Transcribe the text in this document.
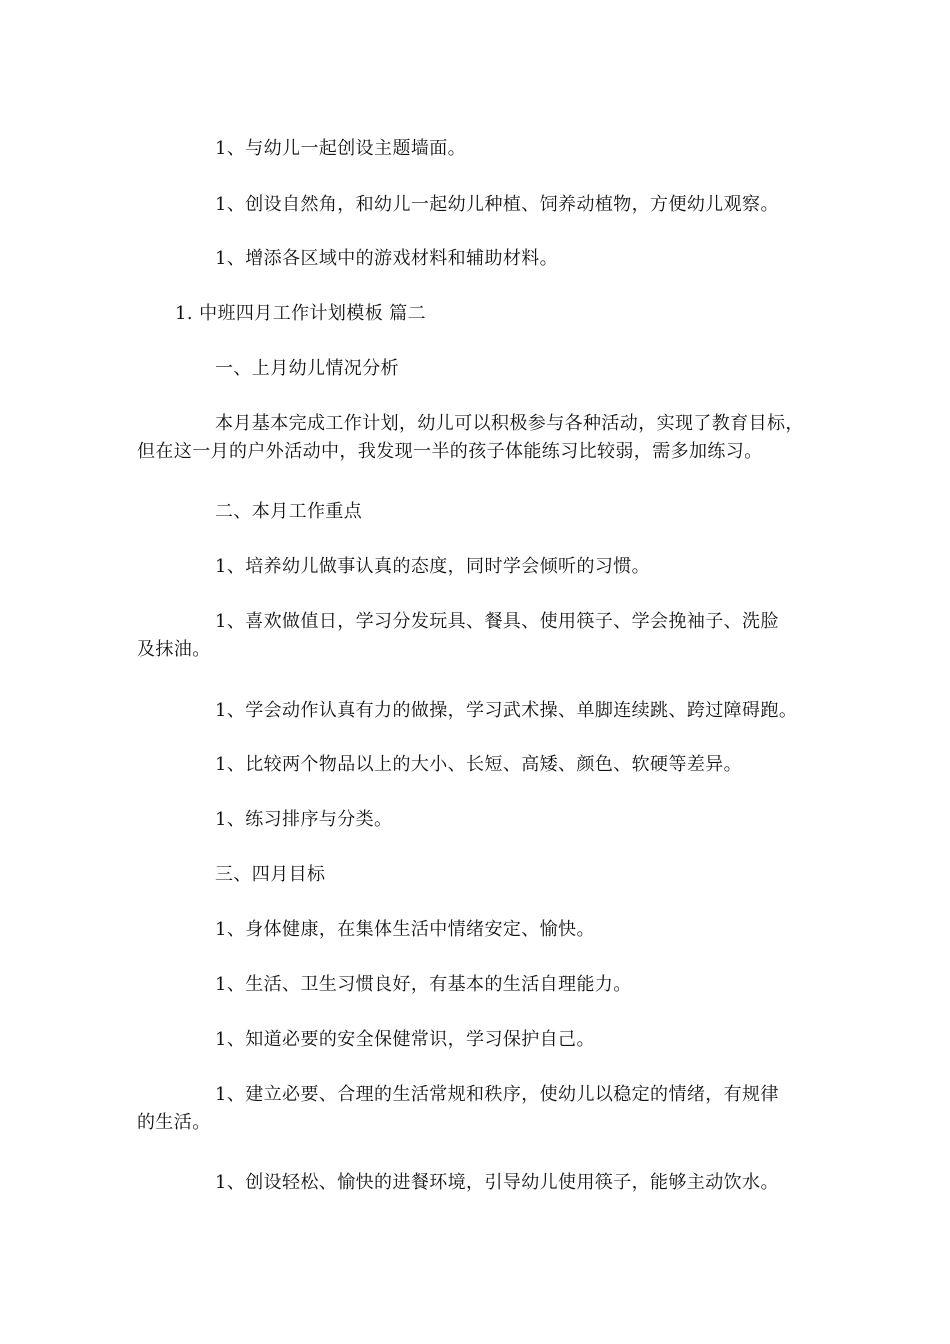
1、与幼儿一起创设主题墙面。
1、创设自然角，和幼儿一起幼儿种植、饲养动植物，方便幼儿观察。
1、增添各区域中的游戏材料和辅助材料。
1. 中班四月工作计划模板 篇二
一、上月幼儿情况分析
本月基本完成工作计划，幼儿可以积极参与各种活动，实现了教育目标，
但在这一月的户外活动中，我发现一半的孩子体能练习比较弱，需多加练习。
二、本月工作重点
1、培养幼儿做事认真的态度，同时学会倾听的习惯。
1、喜欢做值日，学习分发玩具、餐具、使用筷子、学会挽袖子、洗脸
及抹油。
1、学会动作认真有力的做操，学习武术操、单脚连续跳、跨过障碍跑。
1、比较两个物品以上的大小、长短、高矮、颜色、软硬等差异。
1、练习排序与分类。
三、四月目标
1、身体健康，在集体生活中情绪安定、愉快。
1、生活、卫生习惯良好，有基本的生活自理能力。
1、知道必要的安全保健常识，学习保护自己。
1、建立必要、合理的生活常规和秩序，使幼儿以稳定的情绪，有规律
的生活。
1、创设轻松、愉快的进餐环境，引导幼儿使用筷子，能够主动饮水。
